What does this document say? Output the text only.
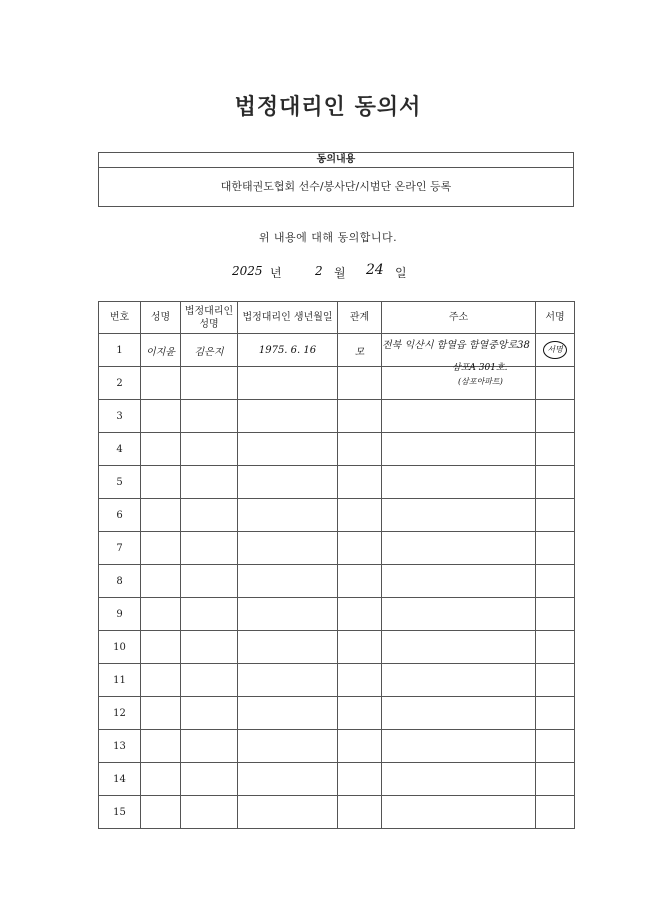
법정대리인 동의서
동의내용
대한태권도협회 선수/봉사단/시범단 온라인 등록
위 내용에 대해 동의합니다.
2025 년	2 월 24 일
번호	성명	법정대리인 성명	법정대리인 생년월일	관계	주소	서명
1	이지윤	김은지	1975. 6. 16	모	전북 익산시 함열읍 함열중앙로38
삼포A 301호.
(삼포아파트)	서명
2						
3						
4						
5						
6						
7						
8						
9						
10						
11						
12						
13						
14						
15						
